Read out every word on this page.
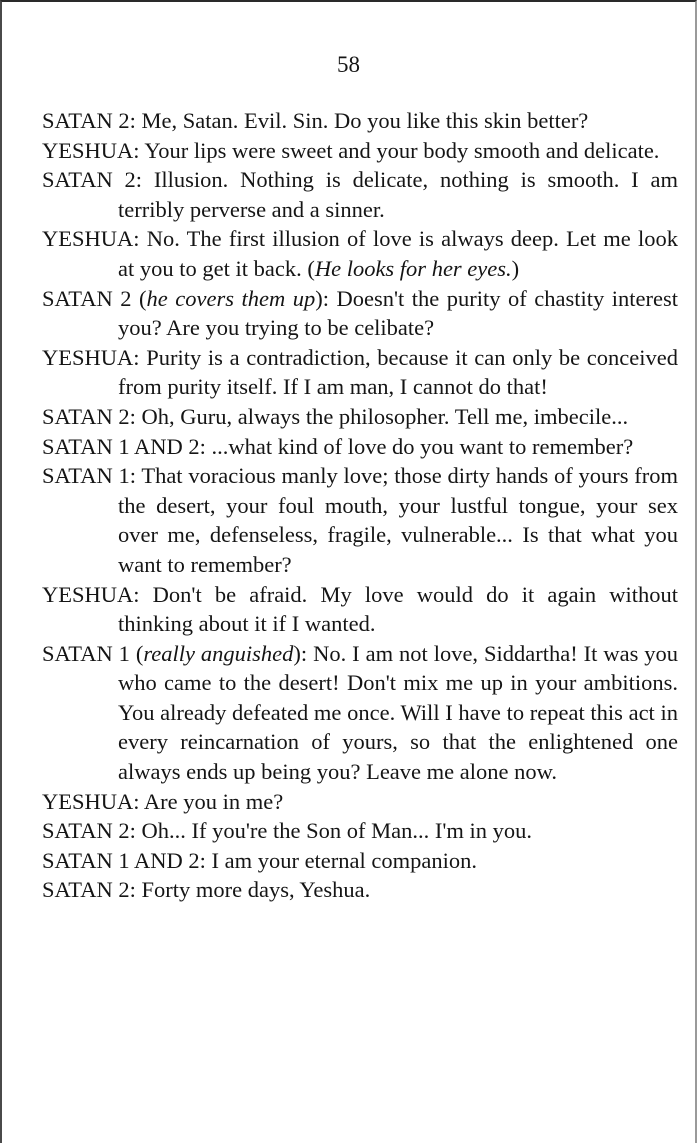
58

SATAN 2: Me, Satan. Evil. Sin. Do you like this skin better?

YESHUA: Your lips were sweet and your body smooth and delicate.

SATAN 2: Illusion. Nothing is delicate, nothing is smooth. I am terribly perverse and a sinner.

YESHUA: No. The first illusion of love is always deep. Let me look at you to get it back. (He looks for her eyes.)

SATAN 2 (he covers them up): Doesn't the purity of chastity interest you? Are you trying to be celibate?

YESHUA: Purity is a contradiction, because it can only be conceived from purity itself. If I am man, I cannot do that!

SATAN 2: Oh, Guru, always the philosopher. Tell me, imbecile...

SATAN 1 AND 2: ...what kind of love do you want to remember?

SATAN 1: That voracious manly love; those dirty hands of yours from the desert, your foul mouth, your lustful tongue, your sex over me, defenseless, fragile, vulnerable... Is that what you want to remember?

YESHUA: Don't be afraid. My love would do it again without thinking about it if I wanted.

SATAN 1 (really anguished): No. I am not love, Siddartha! It was you who came to the desert! Don't mix me up in your ambitions. You already defeated me once. Will I have to repeat this act in every reincarnation of yours, so that the enlightened one always ends up being you? Leave me alone now.

YESHUA: Are you in me?

SATAN 2: Oh... If you're the Son of Man... I'm in you.

SATAN 1 AND 2: I am your eternal companion.

SATAN 2: Forty more days, Yeshua.
